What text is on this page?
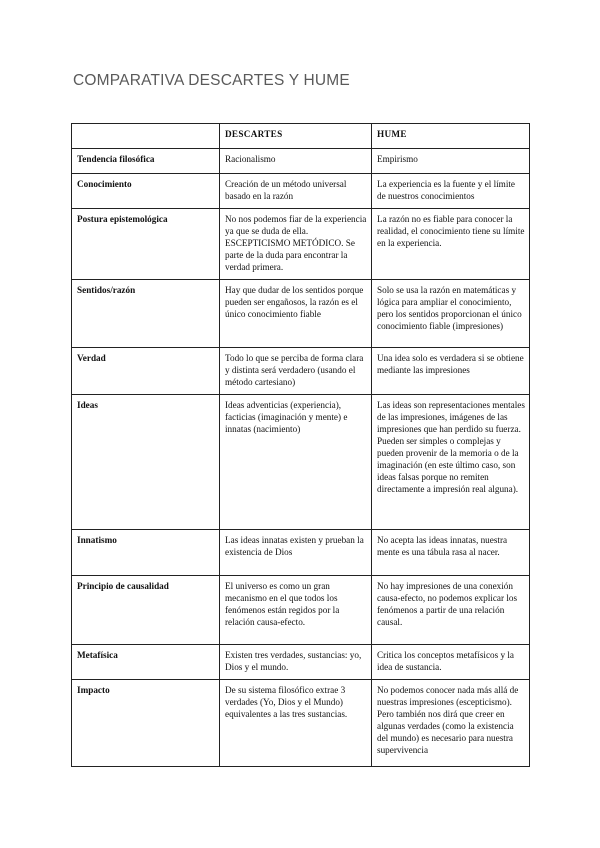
COMPARATIVA DESCARTES Y HUME
	DESCARTES	HUME
Tendencia filosófica	Racionalismo	Empirismo
Conocimiento	Creación de un método universal basado en la razón	La experiencia es la fuente y el límite de nuestros conocimientos
Postura epistemológica	No nos podemos fiar de la experiencia ya que se duda de ella. ESCEPTICISMO METÓDICO. Se parte de la duda para encontrar la verdad primera.	La razón no es fiable para conocer la realidad, el conocimiento tiene su límite en la experiencia.
Sentidos/razón	Hay que dudar de los sentidos porque pueden ser engañosos, la razón es el único conocimiento fiable	Solo se usa la razón en matemáticas y lógica para ampliar el conocimiento, pero los sentidos proporcionan el único conocimiento fiable (impresiones)
Verdad	Todo lo que se perciba de forma clara y distinta será verdadero (usando el método cartesiano)	Una idea solo es verdadera si se obtiene mediante las impresiones
Ideas	Ideas adventicias (experiencia), facticias (imaginación y mente) e innatas (nacimiento)	Las ideas son representaciones mentales de las impresiones, imágenes de las impresiones que han perdido su fuerza. Pueden ser simples o complejas y pueden provenir de la memoria o de la imaginación (en este último caso, son ideas falsas porque no remiten directamente a impresión real alguna).
Innatismo	Las ideas innatas existen y prueban la existencia de Dios	No acepta las ideas innatas, nuestra mente es una tábula rasa al nacer.
Principio de causalidad	El universo es como un gran mecanismo en el que todos los fenómenos están regidos por la relación causa-efecto.	No hay impresiones de una conexión causa-efecto, no podemos explicar los fenómenos a partir de una relación causal.
Metafísica	Existen tres verdades, sustancias: yo, Dios y el mundo.	Critica los conceptos metafísicos y la idea de sustancia.
Impacto	De su sistema filosófico extrae 3 verdades (Yo, Dios y el Mundo) equivalentes a las tres sustancias.	No podemos conocer nada más allá de nuestras impresiones (escepticismo). Pero también nos dirá que creer en algunas verdades (como la existencia del mundo) es necesario para nuestra supervivencia
